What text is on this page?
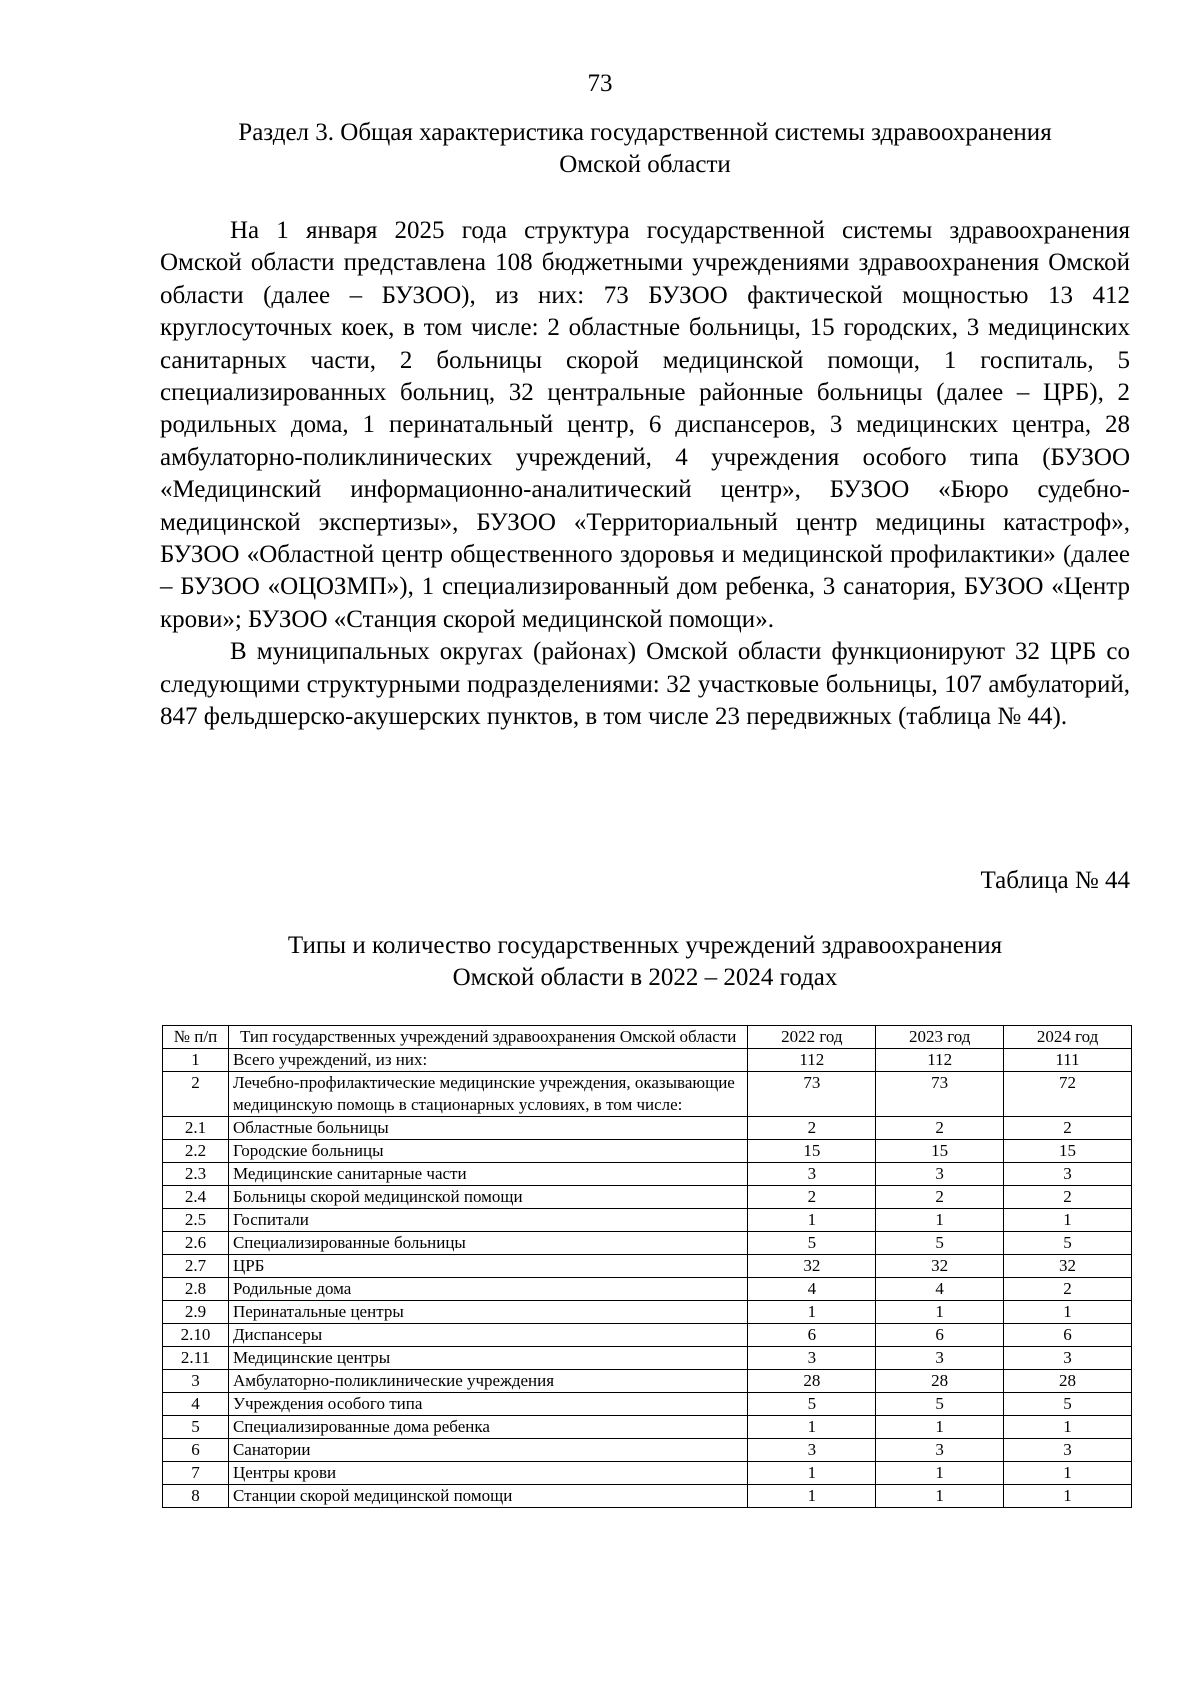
73
Раздел 3. Общая характеристика государственной системы здравоохранения
Омской области

На 1 января 2025 года структура государственной системы здравоохранения Омской области представлена 108 бюджетными учреждениями здравоохранения Омской области (далее – БУЗОО), из них: 73 БУЗОО фактической мощностью 13 412 круглосуточных коек, в том числе: 2 областные больницы, 15 городских, 3 медицинских санитарных части, 2 больницы скорой медицинской помощи, 1 госпиталь, 5 специализированных больниц, 32 центральные районные больницы (далее – ЦРБ), 2 родильных дома, 1 перинатальный центр, 6 диспансеров, 3 медицинских центра, 28 амбулаторно-поликлинических учреждений, 4 учреждения особого типа (БУЗОО «Медицинский информационно-аналитический центр», БУЗОО «Бюро судебно-медицинской экспертизы», БУЗОО «Территориальный центр медицины катастроф», БУЗОО «Областной центр общественного здоровья и медицинской профилактики» (далее – БУЗОО «ОЦОЗМП»), 1 специализированный дом ребенка, 3 санатория, БУЗОО «Центр крови»; БУЗОО «Станция скорой медицинской помощи».

В муниципальных округах (районах) Омской области функционируют 32 ЦРБ со следующими структурными подразделениями: 32 участковые больницы, 107 амбулаторий, 847 фельдшерско-акушерских пунктов, в том числе 23 передвижных (таблица № 44).

Таблица № 44
Типы и количество государственных учреждений здравоохранения
Омской области в 2022 – 2024 годах
№ п/п	Тип государственных учреждений здравоохранения Омской области	2022 год	2023 год	2024 год
1	Всего учреждений, из них:	112	112	111
2	Лечебно-профилактические медицинские учреждения, оказывающие медицинскую помощь в стационарных условиях, в том числе:	73	73	72
2.1	Областные больницы	2	2	2
2.2	Городские больницы	15	15	15
2.3	Медицинские санитарные части	3	3	3
2.4	Больницы скорой медицинской помощи	2	2	2
2.5	Госпитали	1	1	1
2.6	Специализированные больницы	5	5	5
2.7	ЦРБ	32	32	32
2.8	Родильные дома	4	4	2
2.9	Перинатальные центры	1	1	1
2.10	Диспансеры	6	6	6
2.11	Медицинские центры	3	3	3
3	Амбулаторно-поликлинические учреждения	28	28	28
4	Учреждения особого типа	5	5	5
5	Специализированные дома ребенка	1	1	1
6	Санатории	3	3	3
7	Центры крови	1	1	1
8	Станции скорой медицинской помощи	1	1	1
